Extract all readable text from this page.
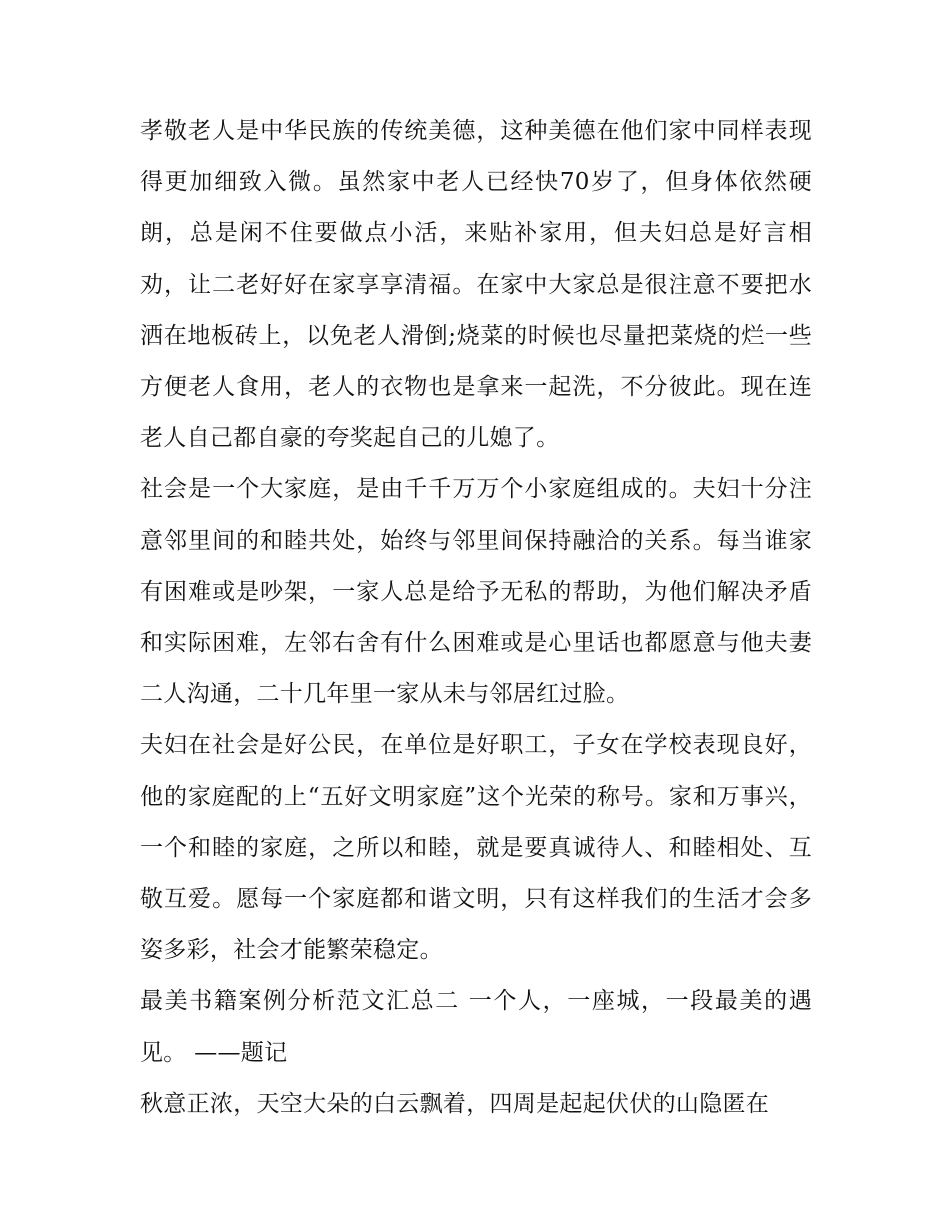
孝敬老人是中华民族的传统美德，这种美德在他们家中同样表现得更加细致入微。虽然家中老人已经快70岁了，但身体依然硬朗，总是闲不住要做点小活，来贴补家用，但夫妇总是好言相劝，让二老好好在家享享清福。在家中大家总是很注意不要把水洒在地板砖上，以免老人滑倒;烧菜的时候也尽量把菜烧的烂一些方便老人食用，老人的衣物也是拿来一起洗，不分彼此。现在连老人自己都自豪的夸奖起自己的儿媳了。

社会是一个大家庭，是由千千万万个小家庭组成的。夫妇十分注意邻里间的和睦共处，始终与邻里间保持融洽的关系。每当谁家有困难或是吵架，一家人总是给予无私的帮助，为他们解决矛盾和实际困难，左邻右舍有什么困难或是心里话也都愿意与他夫妻二人沟通，二十几年里一家从未与邻居红过脸。

夫妇在社会是好公民，在单位是好职工，子女在学校表现良好，他的家庭配的上“五好文明家庭”这个光荣的称号。家和万事兴，一个和睦的家庭，之所以和睦，就是要真诚待人、和睦相处、互敬互爱。愿每一个家庭都和谐文明，只有这样我们的生活才会多姿多彩，社会才能繁荣稳定。

最美书籍案例分析范文汇总二 一个人，一座城，一段最美的遇见。 ——题记

秋意正浓，天空大朵的白云飘着，四周是起起伏伏的山隐匿在
